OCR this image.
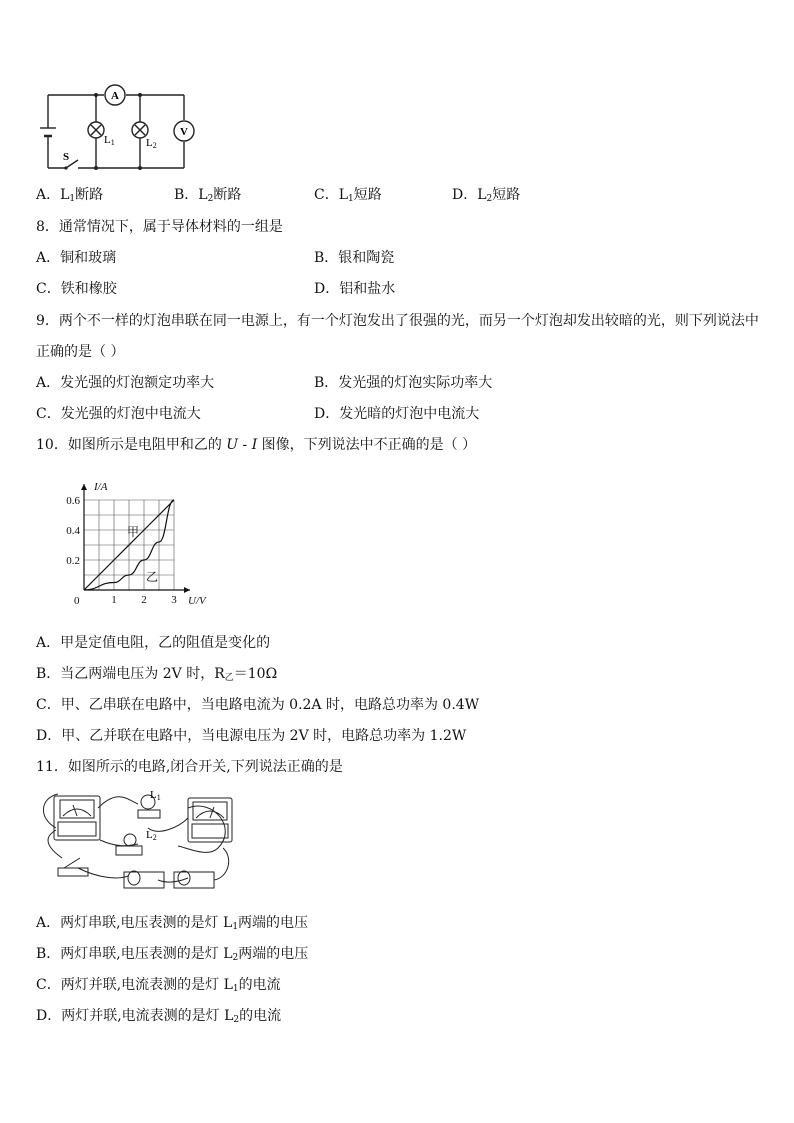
A
V
L1	L2
S
A．$L_1$断路	B．$L_2$断路	C．$L_1$短路	D．$L_2$短路
8．通常情况下，属于导体材料的一组是
A．铜和玻璃	B．银和陶瓷
C．铁和橡胶	D．铝和盐水
9．两个不一样的灯泡串联在同一电源上，有一个灯泡发出了很强的光，而另一个灯泡却发出较暗的光，则下列说法中
正确的是（ ）
A．发光强的灯泡额定功率大	B．发光强的灯泡实际功率大
C．发光强的灯泡中电流大	D．发光暗的灯泡中电流大
10．如图所示是电阻甲和乙的 U - I 图像，下列说法中不正确的是（ ）
0.2
0.4
0.6
1 2 3
0
I/A
U/V
甲
乙
A．甲是定值电阻，乙的阻值是变化的
B．当乙两端电压为 2V 时，$R_乙=10\Omega$
C．甲、乙串联在电路中，当电路电流为 0.2A 时，电路总功率为 0.4W
D．甲、乙并联在电路中，当电源电压为 2V 时，电路总功率为 1.2W
11．如图所示的电路,闭合开关,下列说法正确的是
L1
L2
A．两灯串联,电压表测的是灯 $L_1$两端的电压
B．两灯串联,电压表测的是灯 $L_2$两端的电压
C．两灯并联,电流表测的是灯 $L_1$的电流
D．两灯并联,电流表测的是灯 $L_2$的电流
